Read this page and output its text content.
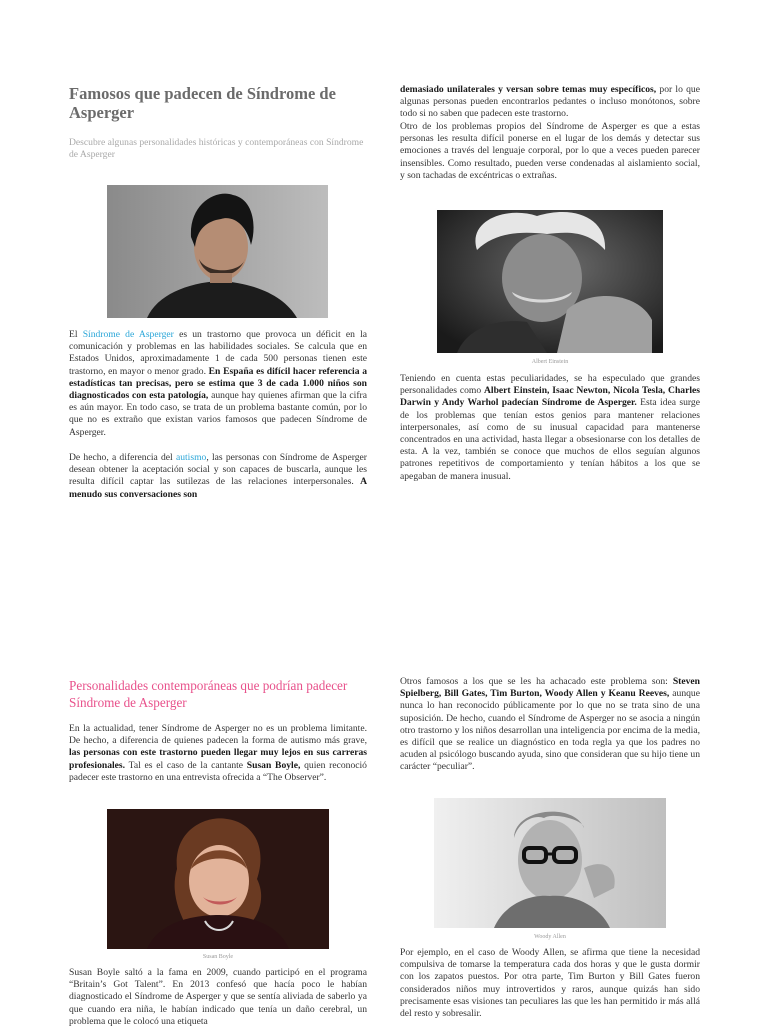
Famosos que padecen de Síndrome de Asperger
Descubre algunas personalidades históricas y contemporáneas con Síndrome de Asperger
El Síndrome de Asperger es un trastorno que provoca un déficit en la comunicación y problemas en las habilidades sociales. Se calcula que en Estados Unidos, aproximadamente 1 de cada 500 personas tienen este trastorno, en mayor o menor grado. En España es difícil hacer referencia a estadísticas tan precisas, pero se estima que 3 de cada 1.000 niños son diagnosticados con esta patología, aunque hay quienes afirman que la cifra es aún mayor. En todo caso, se trata de un problema bastante común, por lo que no es extraño que existan varios famosos que padecen Síndrome de Asperger.
De hecho, a diferencia del autismo, las personas con Síndrome de Asperger desean obtener la aceptación social y son capaces de buscarla, aunque les resulta difícil captar las sutilezas de las relaciones interpersonales. A menudo sus conversaciones son
demasiado unilaterales y versan sobre temas muy específicos, por lo que algunas personas pueden encontrarlos pedantes o incluso monótonos, sobre todo si no saben que padecen este trastorno.
Otro de los problemas propios del Síndrome de Asperger es que a estas personas les resulta difícil ponerse en el lugar de los demás y detectar sus emociones a través del lenguaje corporal, por lo que a veces pueden parecer insensibles. Como resultado, pueden verse condenadas al aislamiento social, y son tachadas de excéntricas o extrañas.
Albert Einstein
Teniendo en cuenta estas peculiaridades, se ha especulado que grandes personalidades como Albert Einstein, Isaac Newton, Nicola Tesla, Charles Darwin y Andy Warhol padecían Síndrome de Asperger. Esta idea surge de los problemas que tenían estos genios para mantener relaciones interpersonales, así como de su inusual capacidad para mantenerse concentrados en una actividad, hasta llegar a obsesionarse con los detalles de esta. A la vez, también se conoce que muchos de ellos seguían algunos patrones repetitivos de comportamiento y tenían hábitos a los que se apegaban de manera inusual.
Personalidades contemporáneas que podrían padecer Síndrome de Asperger
En la actualidad, tener Síndrome de Asperger no es un problema limitante. De hecho, a diferencia de quienes padecen la forma de autismo más grave, las personas con este trastorno pueden llegar muy lejos en sus carreras profesionales. Tal es el caso de la cantante Susan Boyle, quien reconoció padecer este trastorno en una entrevista ofrecida a “The Observer”.
Susan Boyle
Susan Boyle saltó a la fama en 2009, cuando participó en el programa “Britain’s Got Talent”. En 2013 confesó que hacía poco le habían diagnosticado el Síndrome de Asperger y que se sentía aliviada de saberlo ya que cuando era niña, le habían indicado que tenía un daño cerebral, un problema que le colocó una etiqueta
Otros famosos a los que se les ha achacado este problema son: Steven Spielberg, Bill Gates, Tim Burton, Woody Allen y Keanu Reeves, aunque nunca lo han reconocido públicamente por lo que no se trata sino de una suposición. De hecho, cuando el Síndrome de Asperger no se asocia a ningún otro trastorno y los niños desarrollan una inteligencia por encima de la media, es difícil que se realice un diagnóstico en toda regla ya que los padres no acuden al psicólogo buscando ayuda, sino que consideran que su hijo tiene un carácter “peculiar”.
Woody Allen
Por ejemplo, en el caso de Woody Allen, se afirma que tiene la necesidad compulsiva de tomarse la temperatura cada dos horas y que le gusta dormir con los zapatos puestos. Por otra parte, Tim Burton y Bill Gates fueron considerados niños muy introvertidos y raros, aunque quizás han sido precisamente esas visiones tan peculiares las que les han permitido ir más allá del resto y sobresalir.
